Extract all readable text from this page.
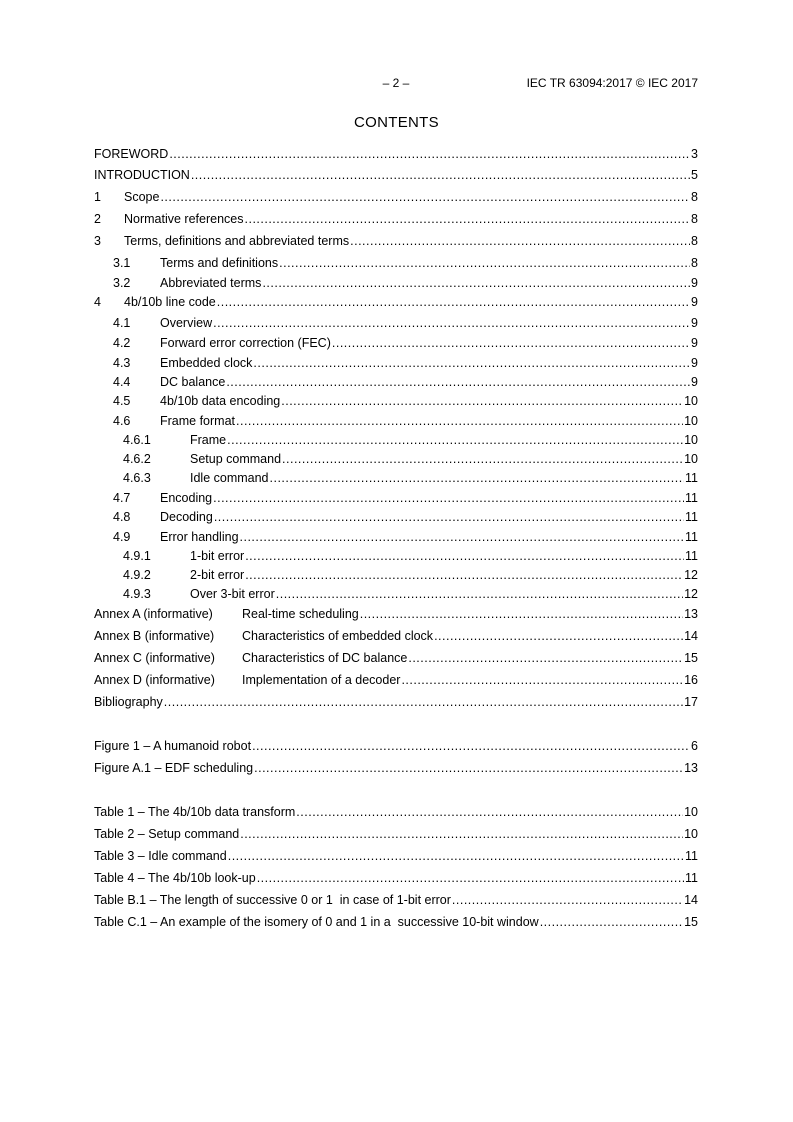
– 2 –	IEC TR 63094:2017 © IEC 2017
CONTENTS
FOREWORD .....	3
INTRODUCTION .....	5
1	Scope .....	8
2	Normative references .....	8
3	Terms, definitions and abbreviated terms .....	8
3.1	Terms and definitions .....	8
3.2	Abbreviated terms .....	9
4	4b/10b line code .....	9
4.1	Overview .....	9
4.2	Forward error correction (FEC) .....	9
4.3	Embedded clock .....	9
4.4	DC balance .....	9
4.5	4b/10b data encoding .....	10
4.6	Frame format .....	10
4.6.1	Frame .....	10
4.6.2	Setup command .....	10
4.6.3	Idle command .....	11
4.7	Encoding .....	11
4.8	Decoding .....	11
4.9	Error handling .....	11
4.9.1	1-bit error .....	11
4.9.2	2-bit error .....	12
4.9.3	Over 3-bit error .....	12
Annex A (informative)	Real-time scheduling .....	13
Annex B (informative)	Characteristics of embedded clock .....	14
Annex C (informative)	Characteristics of DC balance .....	15
Annex D (informative)	Implementation of a decoder .....	16
Bibliography .....	17
Figure 1 – A humanoid robot .....	6
Figure A.1 – EDF scheduling .....	13
Table 1 – The 4b/10b data transform .....	10
Table 2 – Setup command .....	10
Table 3 – Idle command .....	11
Table 4 – The 4b/10b look-up .....	11
Table B.1 – The length of successive 0 or 1  in case of 1-bit error .....	14
Table C.1 – An example of the isomery of 0 and 1 in a  successive 10-bit window .....	15
